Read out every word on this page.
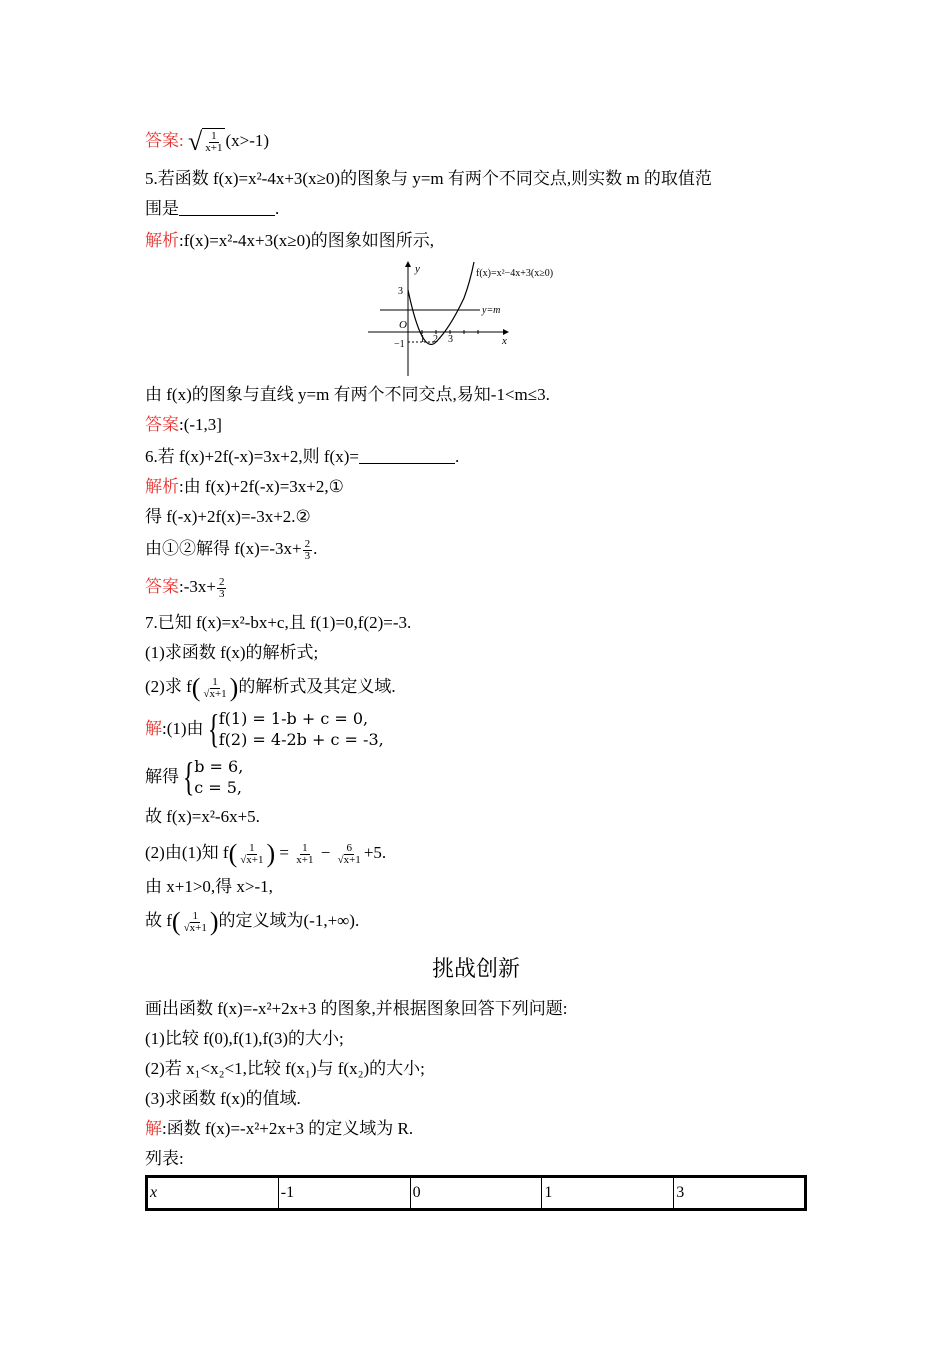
答案: √ $\frac{1}{x+1} (x>-1)$
5.若函数 f(x)=x²-4x+3(x≥0)的图象与 y=m 有两个不同交点,则实数 m 的取值范
围是	.
解析:f(x)=x²-4x+3(x≥0)的图象如图所示,
y
x
3
O
−1 1 2 3
y=m
f(x)=x²−4x+3(x≥0)
由 f(x)的图象与直线 y=m 有两个不同交点,易知-1<m≤3.
答案:(-1,3]
6.若 f(x)+2f(-x)=3x+2,则 f(x)=	.
解析:由 f(x)+2f(-x)=3x+2,①
得 f(-x)+2f(x)=-3x+2.②
由①②解得 $f(x)=-3x+ \frac{2}{3}$ .
答案:-3x+ $\frac{2}{3}$
7.已知 f(x)=x²-bx+c,且 f(1)=0,f(2)=-3.
(1)求函数 f(x)的解析式;
(2)求 $f( \frac{1}{√x+1}$ )的解析式及其定义域.
解:(1)由{ f(1) = 1-b + c = 0,
f(2) = 4-2b + c = -3,
解得{ b = 6,
c = 5,
故 f(x)=x²-6x+5.
(2)由(1)知 $f( \frac{1}{√x+1}$ ) = $\frac{1}{x+1} - \frac{6}{√x+1} +5$.
由 x+1>0,得 x>-1,
故 $f( \frac{1}{√x+1}$ )的定义域为(-1,+∞).
挑战创新
画出函数 f(x)=-x²+2x+3 的图象,并根据图象回答下列问题:
(1)比较 f(0),f(1),f(3)的大小;
(2)若 x₁<x₂<1,比较 f(x₁)与 f(x₂)的大小;
(3)求函数 f(x)的值域.
解:函数 f(x)=-x²+2x+3 的定义域为 R.
列表:
x	-1	0	1	3
